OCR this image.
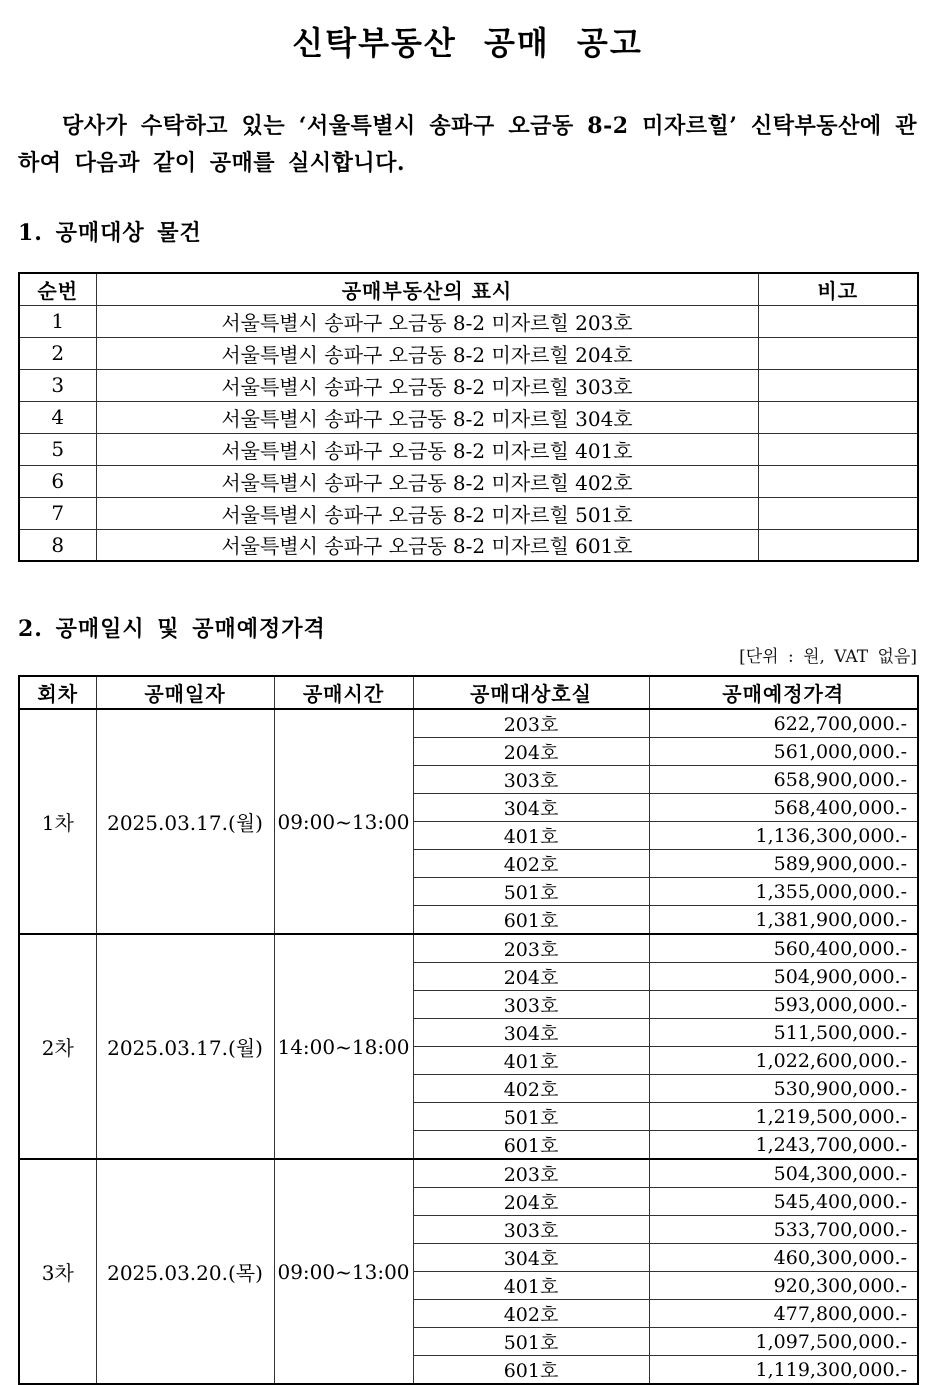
신탁부동산 공매 공고

당사가 수탁하고 있는 ‘서울특별시 송파구 오금동 8-2 미자르힐’ 신탁부동산에 관하여 다음과 같이 공매를 실시합니다.

1. 공매대상 물건
순번	공매부동산의 표시	비고
1	서울특별시 송파구 오금동 8-2 미자르힐 203호	
2	서울특별시 송파구 오금동 8-2 미자르힐 204호	
3	서울특별시 송파구 오금동 8-2 미자르힐 303호	
4	서울특별시 송파구 오금동 8-2 미자르힐 304호	
5	서울특별시 송파구 오금동 8-2 미자르힐 401호	
6	서울특별시 송파구 오금동 8-2 미자르힐 402호	
7	서울특별시 송파구 오금동 8-2 미자르힐 501호	
8	서울특별시 송파구 오금동 8-2 미자르힐 601호	
2. 공매일시 및 공매예정가격
[단위 : 원, VAT 없음]
회차	공매일자	공매시간	공매대상호실	공매예정가격
1차	2025.03.17.(월)	09:00~13:00	203호	622,700,000.-
			204호	561,000,000.-
			303호	658,900,000.-
			304호	568,400,000.-
			401호	1,136,300,000.-
			402호	589,900,000.-
			501호	1,355,000,000.-
			601호	1,381,900,000.-
2차	2025.03.17.(월)	14:00~18:00	203호	560,400,000.-
			204호	504,900,000.-
			303호	593,000,000.-
			304호	511,500,000.-
			401호	1,022,600,000.-
			402호	530,900,000.-
			501호	1,219,500,000.-
			601호	1,243,700,000.-
3차	2025.03.20.(목)	09:00~13:00	203호	504,300,000.-
			204호	545,400,000.-
			303호	533,700,000.-
			304호	460,300,000.-
			401호	920,300,000.-
			402호	477,800,000.-
			501호	1,097,500,000.-
			601호	1,119,300,000.-
